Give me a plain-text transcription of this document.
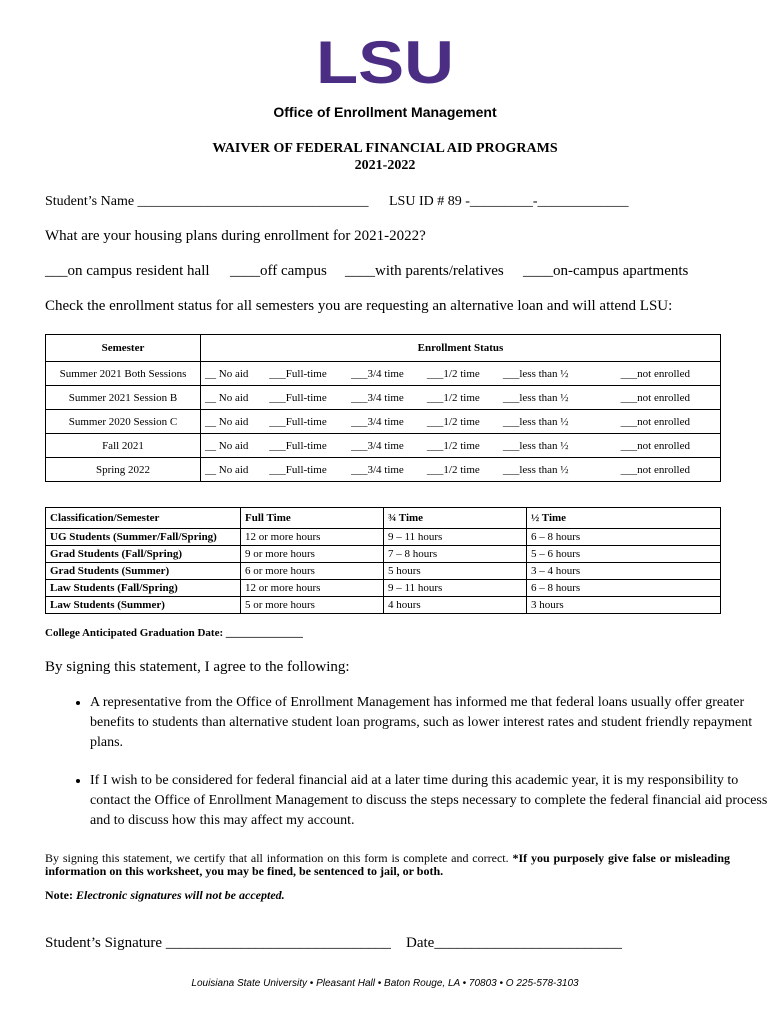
LSU
Office of Enrollment Management
WAIVER OF FEDERAL FINANCIAL AID PROGRAMS
2021-2022
Student’s Name _________________________________ LSU ID # 89 -_________-_____________
What are your housing plans during enrollment for 2021-2022?
___on campus resident hall ____off campus ____with parents/relatives ____on-campus apartments
Check the enrollment status for all semesters you are requesting an alternative loan and will attend LSU:
Semester	Enrollment Status					
Summer 2021 Both Sessions	__ No aid	___Full-time	___3/4 time	___1/2 time	___less than ½	___not enrolled
Summer 2021 Session B	__ No aid	___Full-time	___3/4 time	___1/2 time	___less than ½	___not enrolled
Summer 2020 Session C	__ No aid	___Full-time	___3/4 time	___1/2 time	___less than ½	___not enrolled
Fall 2021	__ No aid	___Full-time	___3/4 time	___1/2 time	___less than ½	___not enrolled
Spring 2022	__ No aid	___Full-time	___3/4 time	___1/2 time	___less than ½	___not enrolled
Classification/Semester	Full Time	¾ Time	½ Time
UG Students (Summer/Fall/Spring)	12 or more hours	9 – 11 hours	6 – 8 hours
Grad Students (Fall/Spring)	9 or more hours	7 – 8 hours	5 – 6 hours
Grad Students (Summer)	6 or more hours	5 hours	3 – 4 hours
Law Students (Fall/Spring)	12 or more hours	9 – 11 hours	6 – 8 hours
Law Students (Summer)	5 or more hours	4 hours	3 hours
College Anticipated Graduation Date: ______________
By signing this statement, I agree to the following:
• A representative from the Office of Enrollment Management has informed me that federal loans usually offer greater benefits to students than alternative student loan programs, such as lower interest rates and student friendly repayment plans.
• If I wish to be considered for federal financial aid at a later time during this academic year, it is my responsibility to contact the Office of Enrollment Management to discuss the steps necessary to complete the federal financial aid process and to discuss how this may affect my account.
By signing this statement, we certify that all information on this form is complete and correct. *If you purposely give false or misleading information on this worksheet, you may be fined, be sentenced to jail, or both.
Note: Electronic signatures will not be accepted.
Student’s Signature ______________________________ Date_________________________
Louisiana State University • Pleasant Hall • Baton Rouge, LA • 70803 • O 225-578-3103
